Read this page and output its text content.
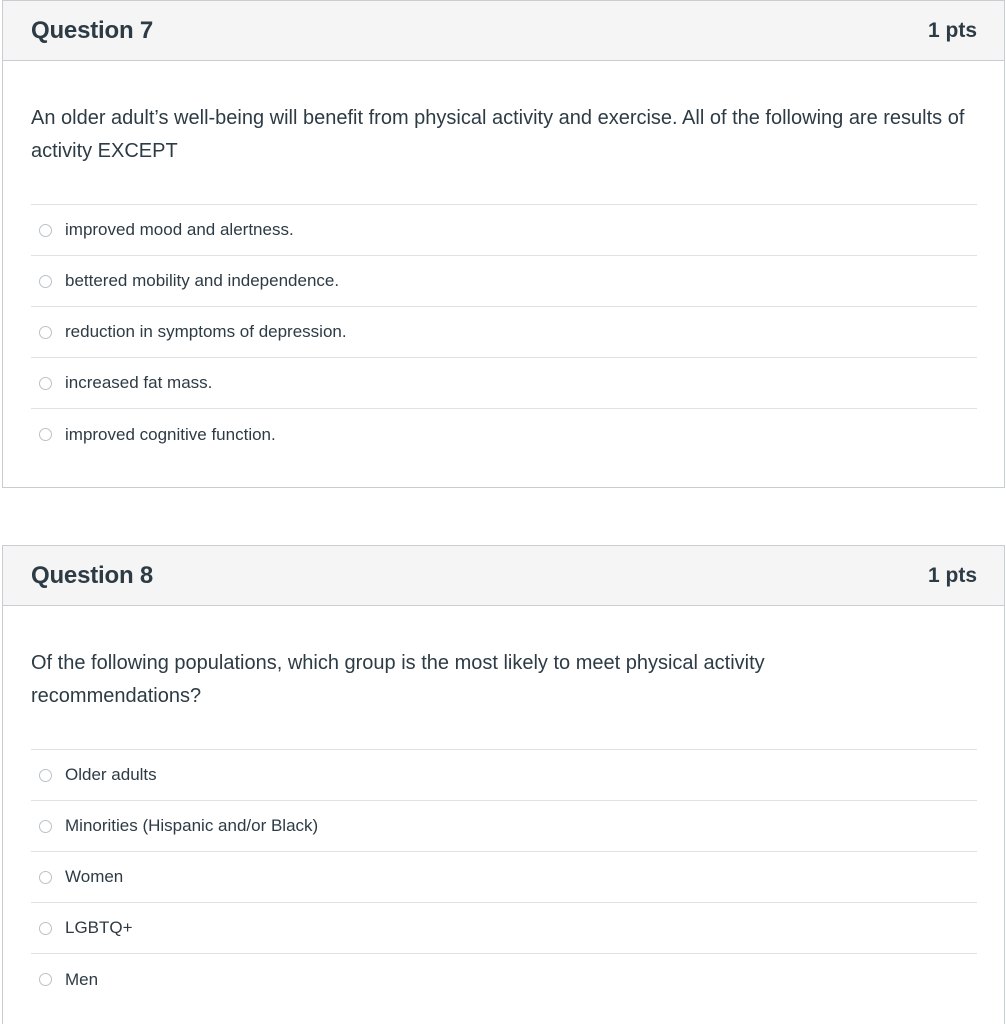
Question 7	1 pts

An older adult’s well-being will benefit from physical activity and exercise. All of the following are results of activity EXCEPT

improved mood and alertness.
bettered mobility and independence.
reduction in symptoms of depression.
increased fat mass.
improved cognitive function.
Question 8	1 pts

Of the following populations, which group is the most likely to meet physical activity recommendations?

Older adults
Minorities (Hispanic and/or Black)
Women
LGBTQ+
Men
